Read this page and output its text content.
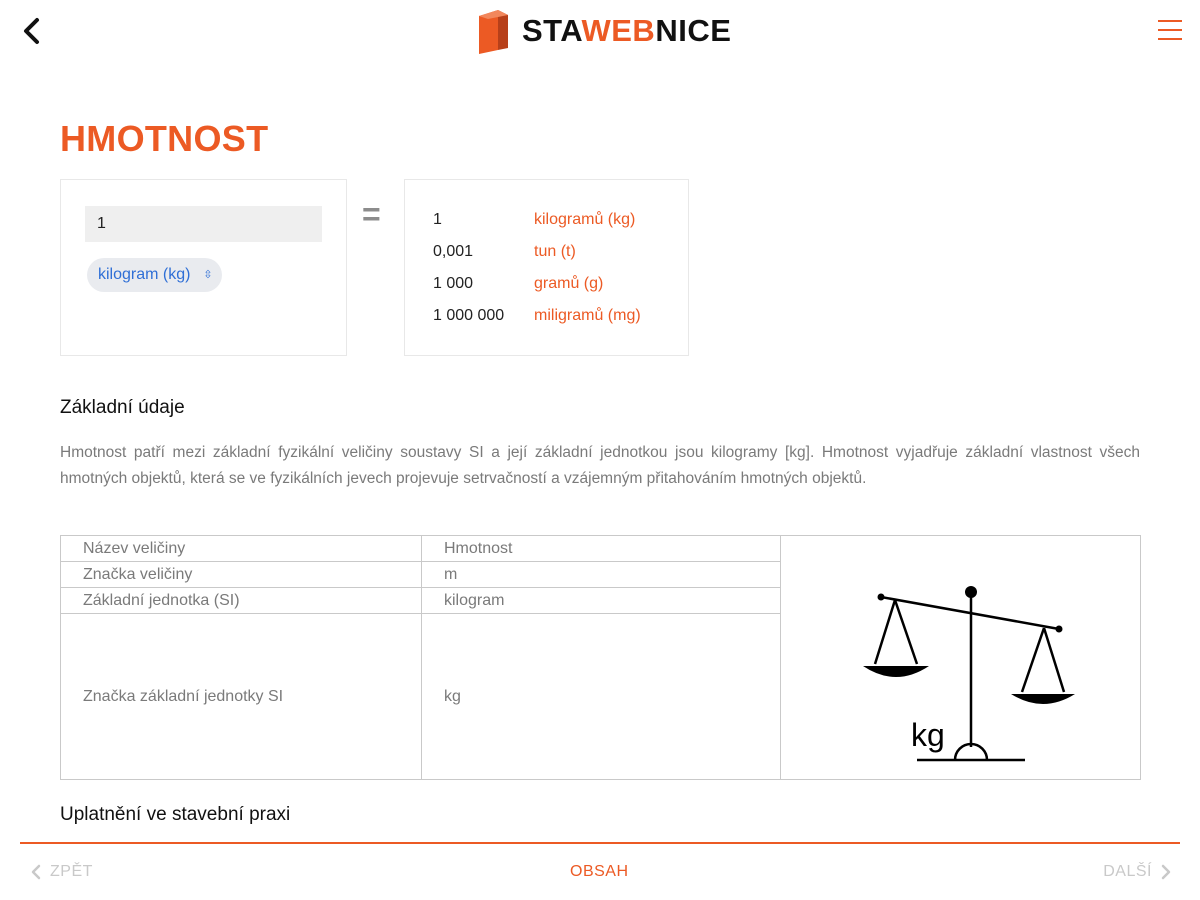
STAWEBNICE
HMOTNOST
1
kilogram (kg) ⇳
=	1	kilogramů (kg)
0,001	tun (t)
1 000	gramů (g)
1 000 000 miligramů (mg)
Základní údaje

Hmotnost patří mezi základní fyzikální veličiny soustavy SI a její základní jednotkou jsou kilogramy [kg]. Hmotnost vyjadřuje základní vlastnost všech hmotných objektů, která se ve fyzikálních jevech projevuje setrvačností a vzájemným přitahováním hmotných objektů.

Název veličiny	Hmotnost	kg

Značka veličiny	m	
Základní jednotka (SI)	kilogram	
Značka základní jednotky SI	kg	
Uplatnění ve stavební praxi
ZPĚT	OBSAH	DALŠÍ
